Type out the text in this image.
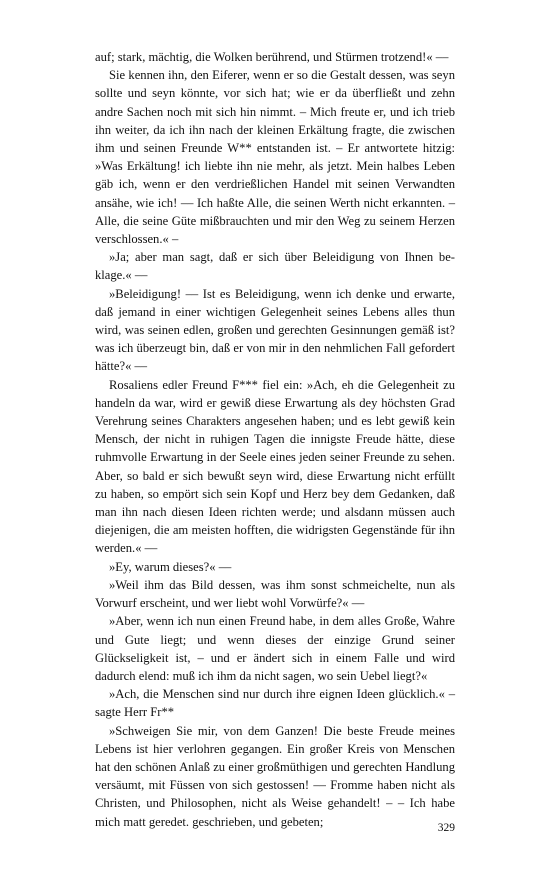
auf; stark, mächtig, die Wolken berührend, und Stürmen trotzend!« ––

Sie kennen ihn, den Eiferer, wenn er so die Gestalt dessen, was seyn sollte und seyn könnte, vor sich hat; wie er da überfließt und zehn andre Sachen noch mit sich hin nimmt. – Mich freute er, und ich trieb ihn weiter, da ich ihn nach der kleinen Erkältung fragte, die zwischen ihm und seinen Freunde W** entstanden ist. – Er antwortete hitzig: »Was Erkältung! ich liebte ihn nie mehr, als jetzt. Mein halbes Leben gäb ich, wenn er den verdrießlichen Handel mit seinen Verwandten ansähe, wie ich! –– Ich haßte Alle, die seinen Werth nicht erkannten. – Alle, die seine Güte mißbrauchten und mir den Weg zu seinem Herzen verschlossen.« –

»Ja; aber man sagt, daß er sich über Beleidigung von Ihnen beklage.« ––

»Beleidigung! –– Ist es Beleidigung, wenn ich denke und erwarte, daß jemand in einer wichtigen Gelegenheit seines Lebens alles thun wird, was seinen edlen, großen und gerechten Gesinnungen gemäß ist? was ich überzeugt bin, daß er von mir in den nehmlichen Fall gefordert hätte?« ––

Rosaliens edler Freund F*** fiel ein: »Ach, eh die Gelegenheit zu handeln da war, wird er gewiß diese Erwartung als dey höchsten Grad Verehrung seines Charakters angesehen haben; und es lebt gewiß kein Mensch, der nicht in ruhigen Tagen die innigste Freude hätte, diese ruhmvolle Erwartung in der Seele eines jeden seiner Freunde zu sehen. Aber, so bald er sich bewußt seyn wird, diese Erwartung nicht erfüllt zu haben, so empört sich sein Kopf und Herz bey dem Gedanken, daß man ihn nach diesen Ideen richten werde; und alsdann müssen auch diejenigen, die am meisten hofften, die widrigsten Gegenstände für ihn werden.« ––

»Ey, warum dieses?« ––

»Weil ihm das Bild dessen, was ihm sonst schmeichelte, nun als Vorwurf erscheint, und wer liebt wohl Vorwürfe?« ––

»Aber, wenn ich nun einen Freund habe, in dem alles Große, Wahre und Gute liegt; und wenn dieses der einzige Grund seiner Glückseligkeit ist, – und er ändert sich in einem Falle und wird dadurch elend: muß ich ihm da nicht sagen, wo sein Uebel liegt?«

»Ach, die Menschen sind nur durch ihre eignen Ideen glücklich.« – sagte Herr Fr**

»Schweigen Sie mir, von dem Ganzen! Die beste Freude meines Lebens ist hier verlohren gegangen. Ein großer Kreis von Menschen hat den schönen Anlaß zu einer großmüthigen und gerechten Handlung versäumt, mit Füssen von sich gestossen! –– Fromme haben nicht als Christen, und Philosophen, nicht als Weise gehandelt! – – Ich habe mich matt geredet. geschrieben, und gebeten;	329
